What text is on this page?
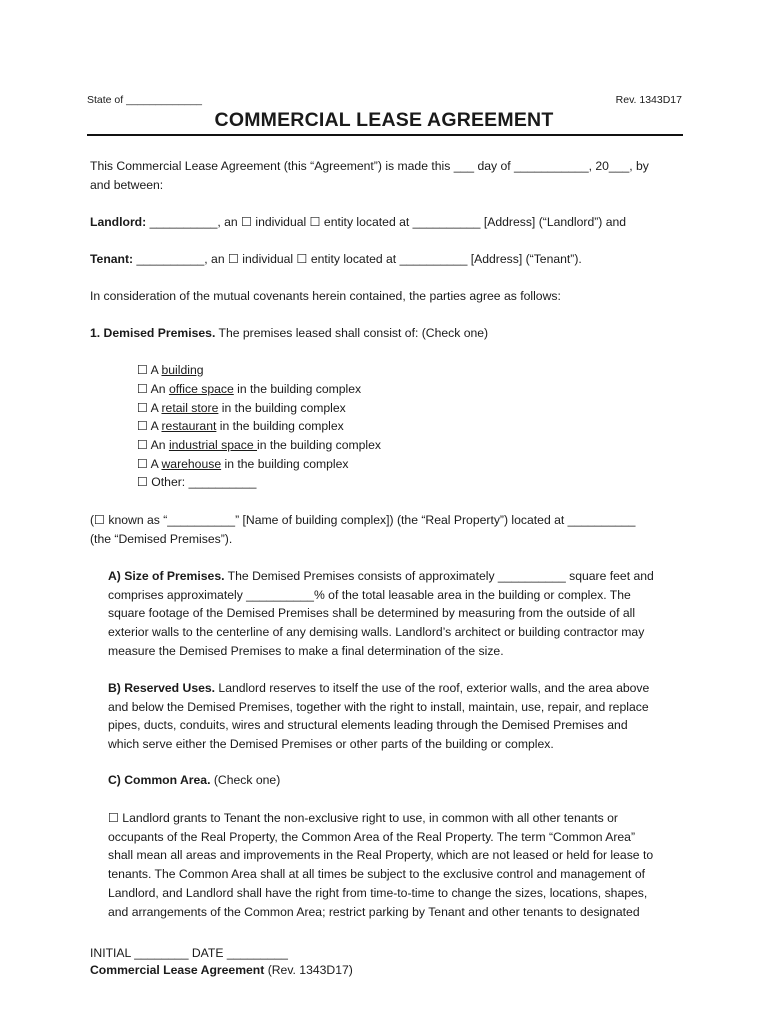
State of _____________	Rev. 1343D17
COMMERCIAL LEASE AGREEMENT
This Commercial Lease Agreement (this “Agreement”) is made this ___ day of ___________, 20___, by
and between:
Landlord: __________, an ☐ individual ☐ entity located at __________ [Address] (“Landlord”) and
Tenant: __________, an ☐ individual ☐ entity located at __________ [Address] (“Tenant”).
In consideration of the mutual covenants herein contained, the parties agree as follows:
1. Demised Premises. The premises leased shall consist of: (Check one)
☐ A building
☐ An office space in the building complex
☐ A retail store in the building complex
☐ A restaurant in the building complex
☐ An industrial space in the building complex
☐ A warehouse in the building complex
☐ Other: __________
(☐ known as “__________” [Name of building complex]) (the “Real Property”) located at __________
(the “Demised Premises”).
A) Size of Premises. The Demised Premises consists of approximately __________ square feet and
comprises approximately __________% of the total leasable area in the building or complex. The
square footage of the Demised Premises shall be determined by measuring from the outside of all
exterior walls to the centerline of any demising walls. Landlord’s architect or building contractor may
measure the Demised Premises to make a final determination of the size.
B) Reserved Uses. Landlord reserves to itself the use of the roof, exterior walls, and the area above
and below the Demised Premises, together with the right to install, maintain, use, repair, and replace
pipes, ducts, conduits, wires and structural elements leading through the Demised Premises and
which serve either the Demised Premises or other parts of the building or complex.
C) Common Area. (Check one)
☐ Landlord grants to Tenant the non-exclusive right to use, in common with all other tenants or
occupants of the Real Property, the Common Area of the Real Property. The term “Common Area”
shall mean all areas and improvements in the Real Property, which are not leased or held for lease to
tenants. The Common Area shall at all times be subject to the exclusive control and management of
Landlord, and Landlord shall have the right from time-to-time to change the sizes, locations, shapes,
and arrangements of the Common Area; restrict parking by Tenant and other tenants to designated
INITIAL ________ DATE _________
Commercial Lease Agreement (Rev. 1343D17)
